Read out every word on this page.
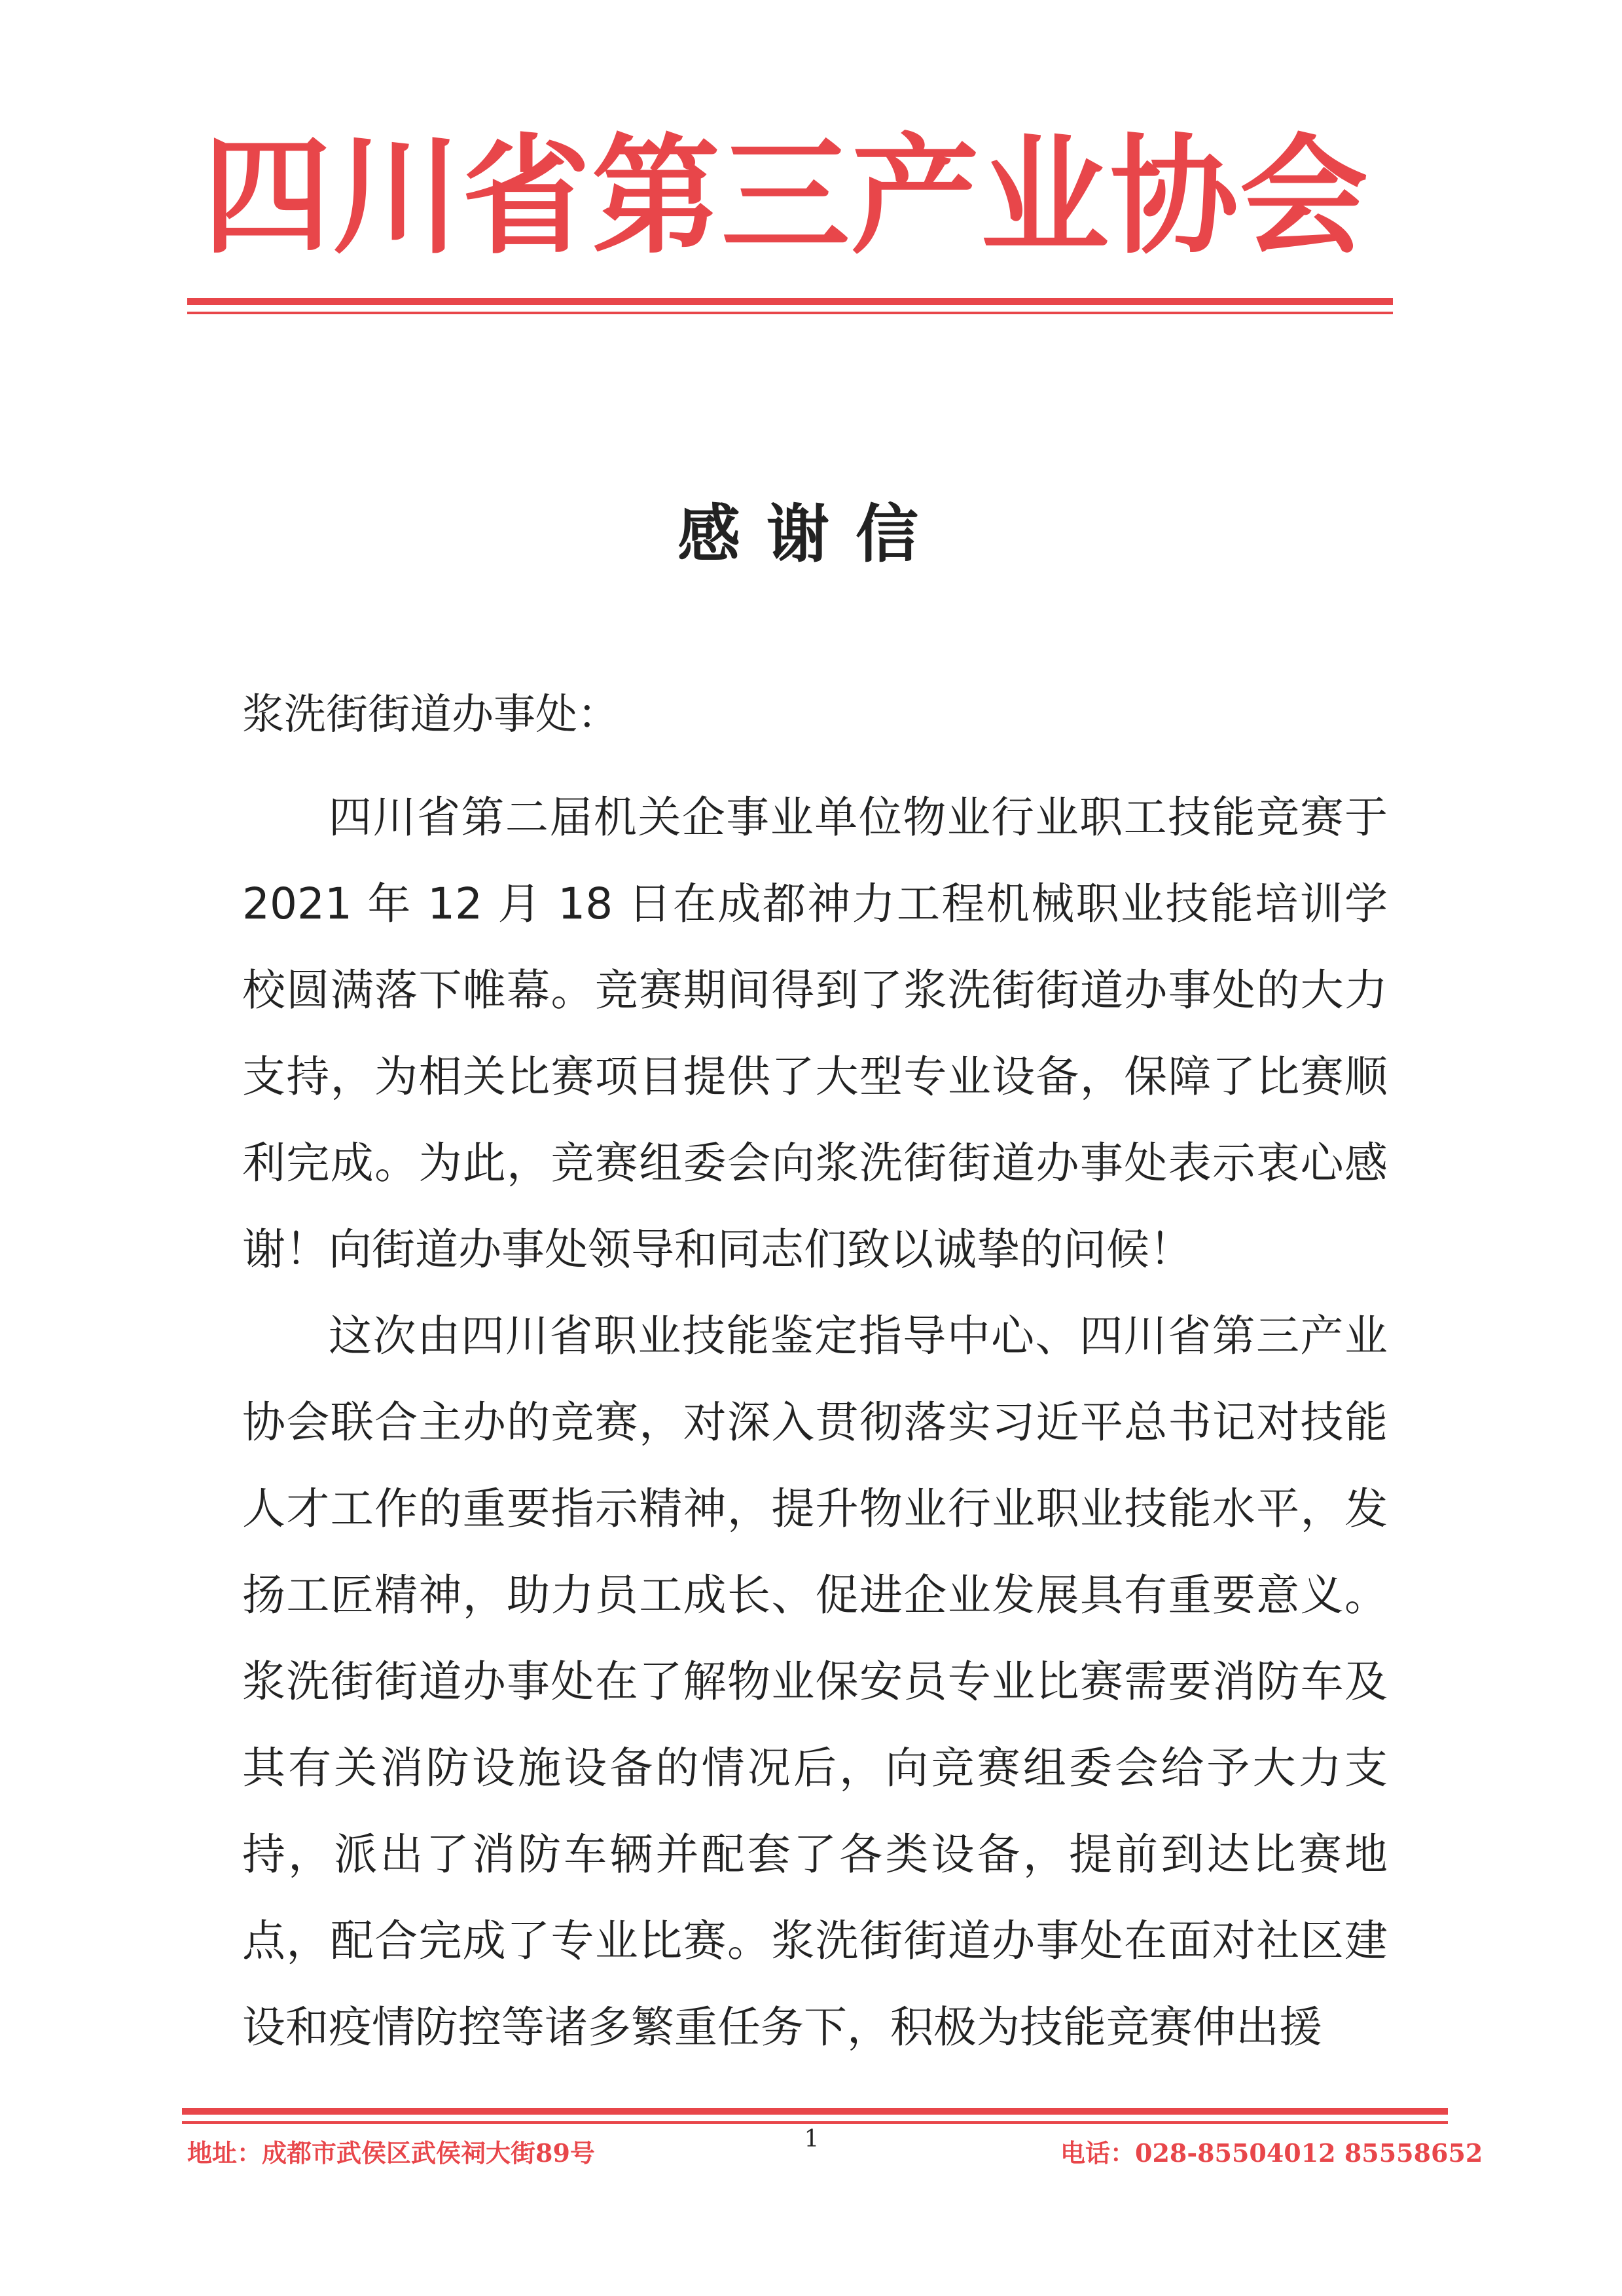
四 川 省 第 三 产 业 协 会
感谢信
浆洗街街道办事处：

四川省第二届机关企事业单位物业行业职工技能竞赛于 2021 年 12 月 18 日在成都神力工程机械职业技能培训学校圆满落下帷幕。竞赛期间得到了浆洗街街道办事处的大力支持，为相关比赛项目提供了大型专业设备，保障了比赛顺利完成。为此，竞赛组委会向浆洗街街道办事处表示衷心感谢！向街道办事处领导和同志们致以诚挚的问候！

这次由四川省职业技能鉴定指导中心、四川省第三产业协会联合主办的竞赛，对深入贯彻落实习近平总书记对技能人才工作的重要指示精神，提升物业行业职业技能水平，发扬工匠精神，助力员工成长、促进企业发展具有重要意义。浆洗街街道办事处在了解物业保安员专业比赛需要消防车及其有关消防设施设备的情况后，向竞赛组委会给予大力支持，派出了消防车辆并配套了各类设备，提前到达比赛地点，配合完成了专业比赛。浆洗街街道办事处在面对社区建设和疫情防控等诸多繁重任务下，积极为技能竞赛伸出援

地址：成都市武侯区武侯祠大街89号	1	电话：028-85504012 85558652
